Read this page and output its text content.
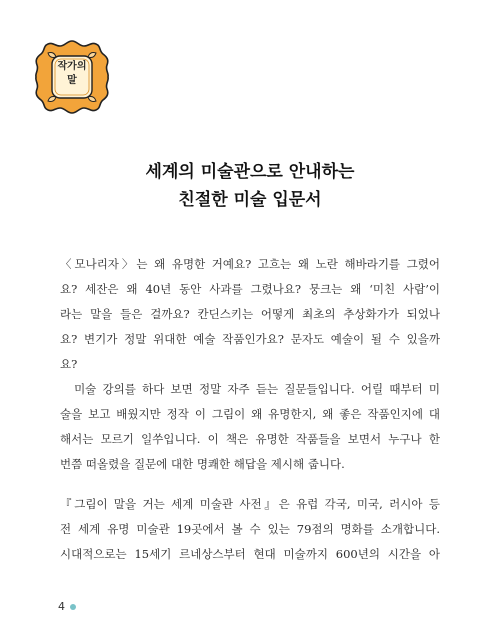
작가의
말
세계의 미술관으로 안내하는
친절한 미술 입문서
〈모나리자〉는 왜 유명한 거예요? 고흐는 왜 노란 해바라기를 그렸어
요? 세잔은 왜 40년 동안 사과를 그렸나요? 뭉크는 왜 ‘미친 사람’이
라는 말을 들은 걸까요? 칸딘스키는 어떻게 최초의 추상화가가 되었나
요? 변기가 정말 위대한 예술 작품인가요? 문자도 예술이 될 수 있을까
요?
　미술 강의를 하다 보면 정말 자주 듣는 질문들입니다. 어릴 때부터 미
술을 보고 배웠지만 정작 이 그림이 왜 유명한지, 왜 좋은 작품인지에 대
해서는 모르기 일쑤입니다. 이 책은 유명한 작품들을 보면서 누구나 한
번쯤 떠올렸을 질문에 대한 명쾌한 해답을 제시해 줍니다.
『그림이 말을 거는 세계 미술관 사전』은 유럽 각국, 미국, 러시아 등
전 세계 유명 미술관 19곳에서 볼 수 있는 79점의 명화를 소개합니다.
시대적으로는 15세기 르네상스부터 현대 미술까지 600년의 시간을 아
4
